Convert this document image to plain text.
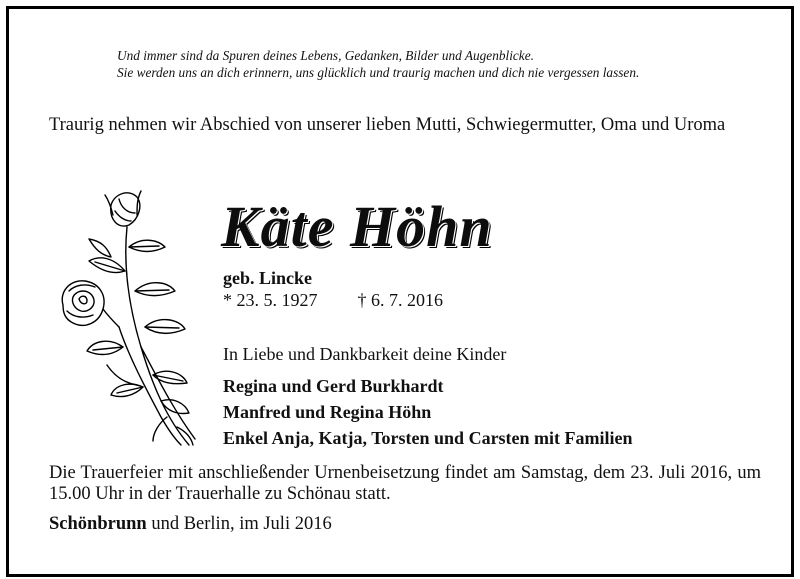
Und immer sind da Spuren deines Lebens, Gedanken, Bilder und Augenblicke.
Sie werden uns an dich erinnern, uns glücklich und traurig machen und dich nie vergessen lassen.
Traurig nehmen wir Abschied von unserer lieben Mutti, Schwiegermutter, Oma und Uroma
Käte Höhn
geb. Lincke
* 23. 5. 1927 † 6. 7. 2016
In Liebe und Dankbarkeit deine Kinder
Regina und Gerd Burkhardt
Manfred und Regina Höhn
Enkel Anja, Katja, Torsten und Carsten mit Familien
Die Trauerfeier mit anschließender Urnenbeisetzung findet am Samstag, dem 23. Juli 2016, um 15.00 Uhr in der Trauerhalle zu Schönau statt.
Schönbrunn und Berlin, im Juli 2016
